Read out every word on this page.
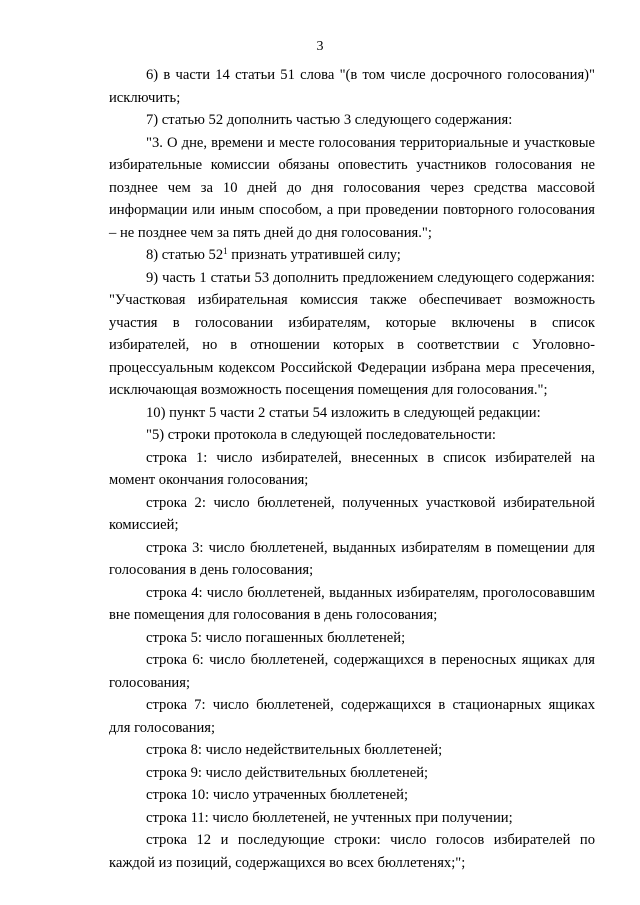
3

6) в части 14 статьи 51 слова "(в том числе досрочного голосования)" исключить;

7) статью 52 дополнить частью 3 следующего содержания:

"3. О дне, времени и месте голосования территориальные и участковые избирательные комиссии обязаны оповестить участников голосования не позднее чем за 10 дней до дня голосования через средства массовой информации или иным способом, а при проведении повторного голосования – не позднее чем за пять дней до дня голосования.";

8) статью $52^1$ признать утратившей силу;

9) часть 1 статьи 53 дополнить предложением следующего содержания: "Участковая избирательная комиссия также обеспечивает возможность участия в голосовании избирателям, которые включены в список избирателей, но в отношении которых в соответствии с Уголовно-процессуальным кодексом Российской Федерации избрана мера пресечения, исключающая возможность посещения помещения для голосования.";

10) пункт 5 части 2 статьи 54 изложить в следующей редакции:

"5) строки протокола в следующей последовательности:

строка 1: число избирателей, внесенных в список избирателей на момент окончания голосования;

строка 2: число бюллетеней, полученных участковой избирательной комиссией;

строка 3: число бюллетеней, выданных избирателям в помещении для голосования в день голосования;

строка 4: число бюллетеней, выданных избирателям, проголосовавшим вне помещения для голосования в день голосования;

строка 5: число погашенных бюллетеней;

строка 6: число бюллетеней, содержащихся в переносных ящиках для голосования;

строка 7: число бюллетеней, содержащихся в стационарных ящиках для голосования;

строка 8: число недействительных бюллетеней;

строка 9: число действительных бюллетеней;

строка 10: число утраченных бюллетеней;

строка 11: число бюллетеней, не учтенных при получении;

строка 12 и последующие строки: число голосов избирателей по каждой из позиций, содержащихся во всех бюллетенях;";
